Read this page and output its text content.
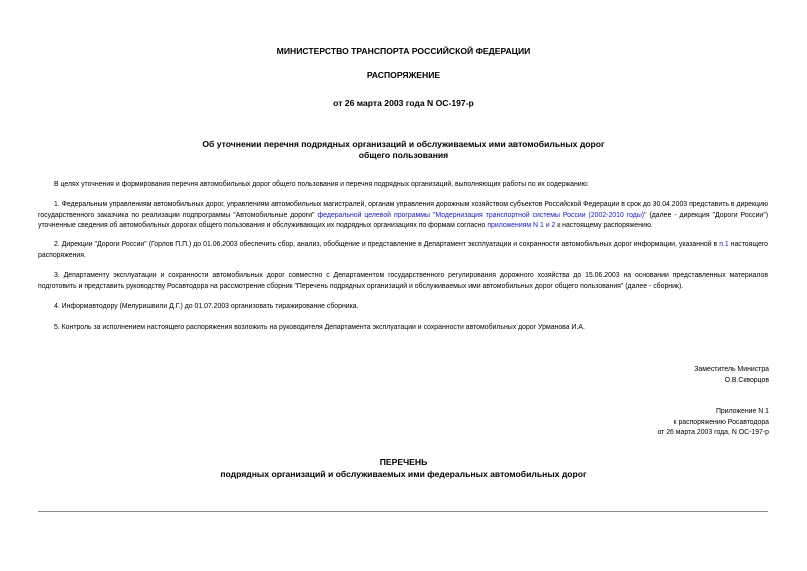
МИНИСТЕРСТВО ТРАНСПОРТА РОССИЙСКОЙ ФЕДЕРАЦИИ
РАСПОРЯЖЕНИЕ
от 26 марта 2003 года N ОС-197-р
Об уточнении перечня подрядных организаций и обслуживаемых ими автомобильных дорог
общего пользования

В целях уточнения и формирования перечня автомобильных дорог общего пользования и перечня подрядных организаций, выполняющих работы по их содержанию:

1. Федеральным управлениям автомобильных дорог, управлениям автомобильных магистралей, органам управления дорожным хозяйством субъектов Российской Федерации в срок до 30.04.2003 представить в дирекцию государственного заказчика по реализации подпрограммы "Автомобильные дороги" федеральной целевой программы "Модернизация транспортной системы России (2002-2010 годы)" (далее - дирекция "Дороги России") уточненные сведения об автомобильных дорогах общего пользования и обслуживающих их подрядных организациях по формам согласно приложениям N 1 и 2 к настоящему распоряжению.

2. Дирекции "Дороги России" (Горлов П.П.) до 01.06.2003 обеспечить сбор, анализ, обобщение и представление в Департамент эксплуатации и сохранности автомобильных дорог информации, указанной в п.1 настоящего распоряжения.

3. Департаменту эксплуатации и сохранности автомобильных дорог совместно с Департаментом государственного регулирования дорожного хозяйства до 15.06.2003 на основании представленных материалов подготовить и представить руководству Росавтодора на рассмотрение сборник "Перечень подрядных организаций и обслуживаемых ими автомобильных дорог общего пользования" (далее - сборник).

4. Информавтодору (Мелуришвили Д.Г.) до 01.07.2003 организовать тиражирование сборника.

5. Контроль за исполнением настоящего распоряжения возложить на руководителя Департамента эксплуатации и сохранности автомобильных дорог Урманова И.А.

Заместитель Министра
О.В.Скворцов
Приложение N 1
к распоряжению Росавтодора
от 26 марта 2003 года, N ОС-197-р
ПЕРЕЧЕНЬ
подрядных организаций и обслуживаемых ими федеральных автомобильных дорог
